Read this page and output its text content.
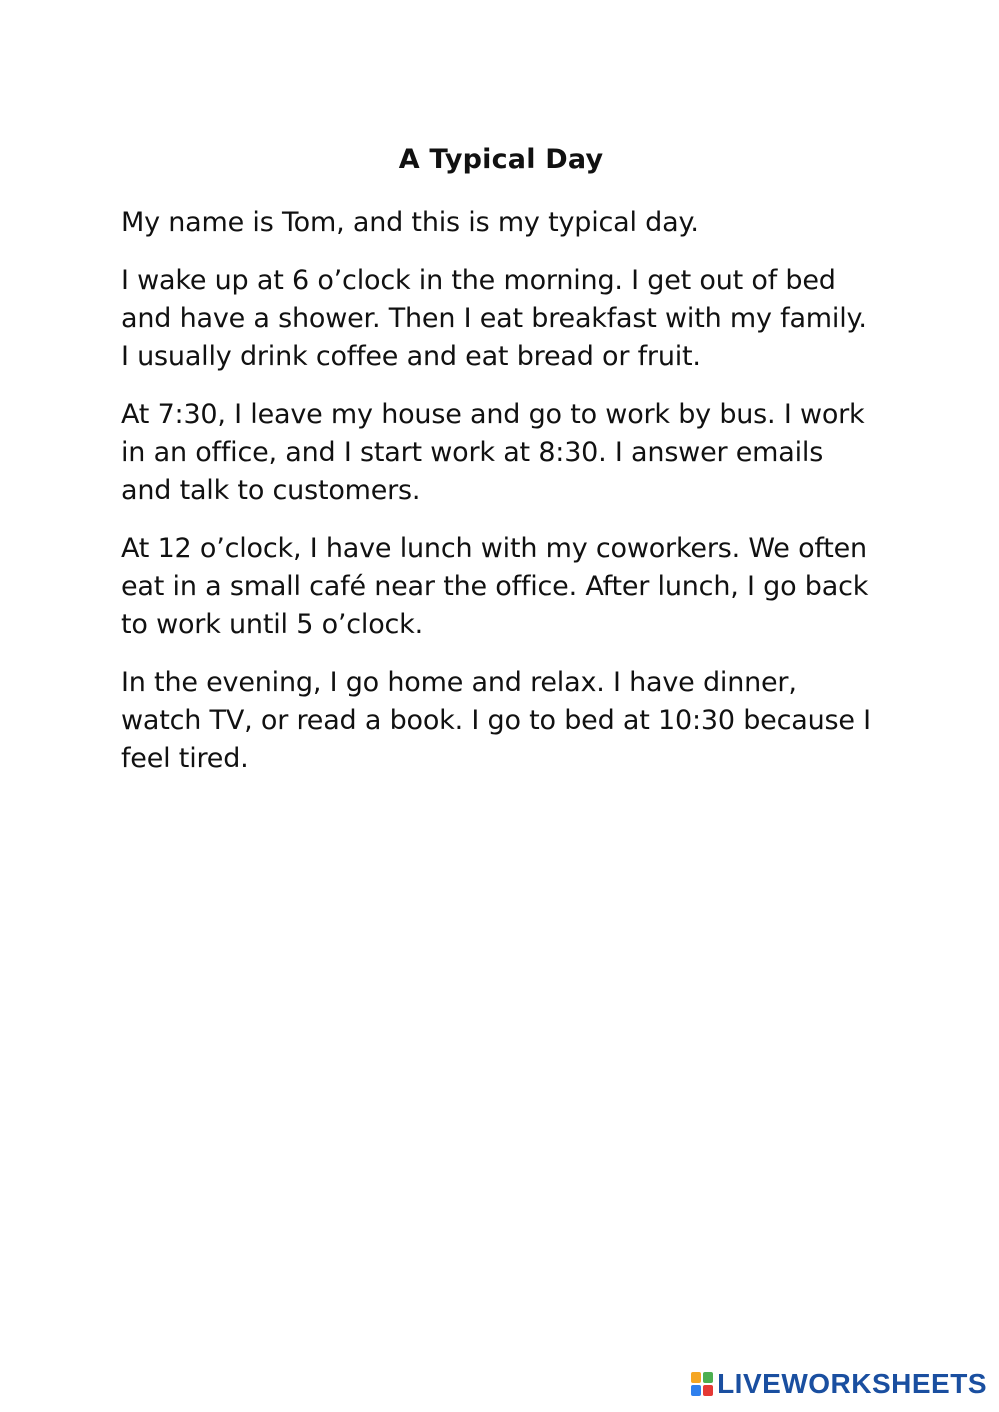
A Typical Day

My name is Tom, and this is my typical day.

I wake up at 6 o’clock in the morning. I get out of bed and have a shower. Then I eat breakfast with my family. I usually drink coffee and eat bread or fruit.

At 7:30, I leave my house and go to work by bus. I work in an office, and I start work at 8:30. I answer emails and talk to customers.

At 12 o’clock, I have lunch with my coworkers. We often eat in a small café near the office. After lunch, I go back to work until 5 o’clock.

In the evening, I go home and relax. I have dinner, watch TV, or read a book. I go to bed at 10:30 because I feel tired.

LIVEWORKSHEETS
